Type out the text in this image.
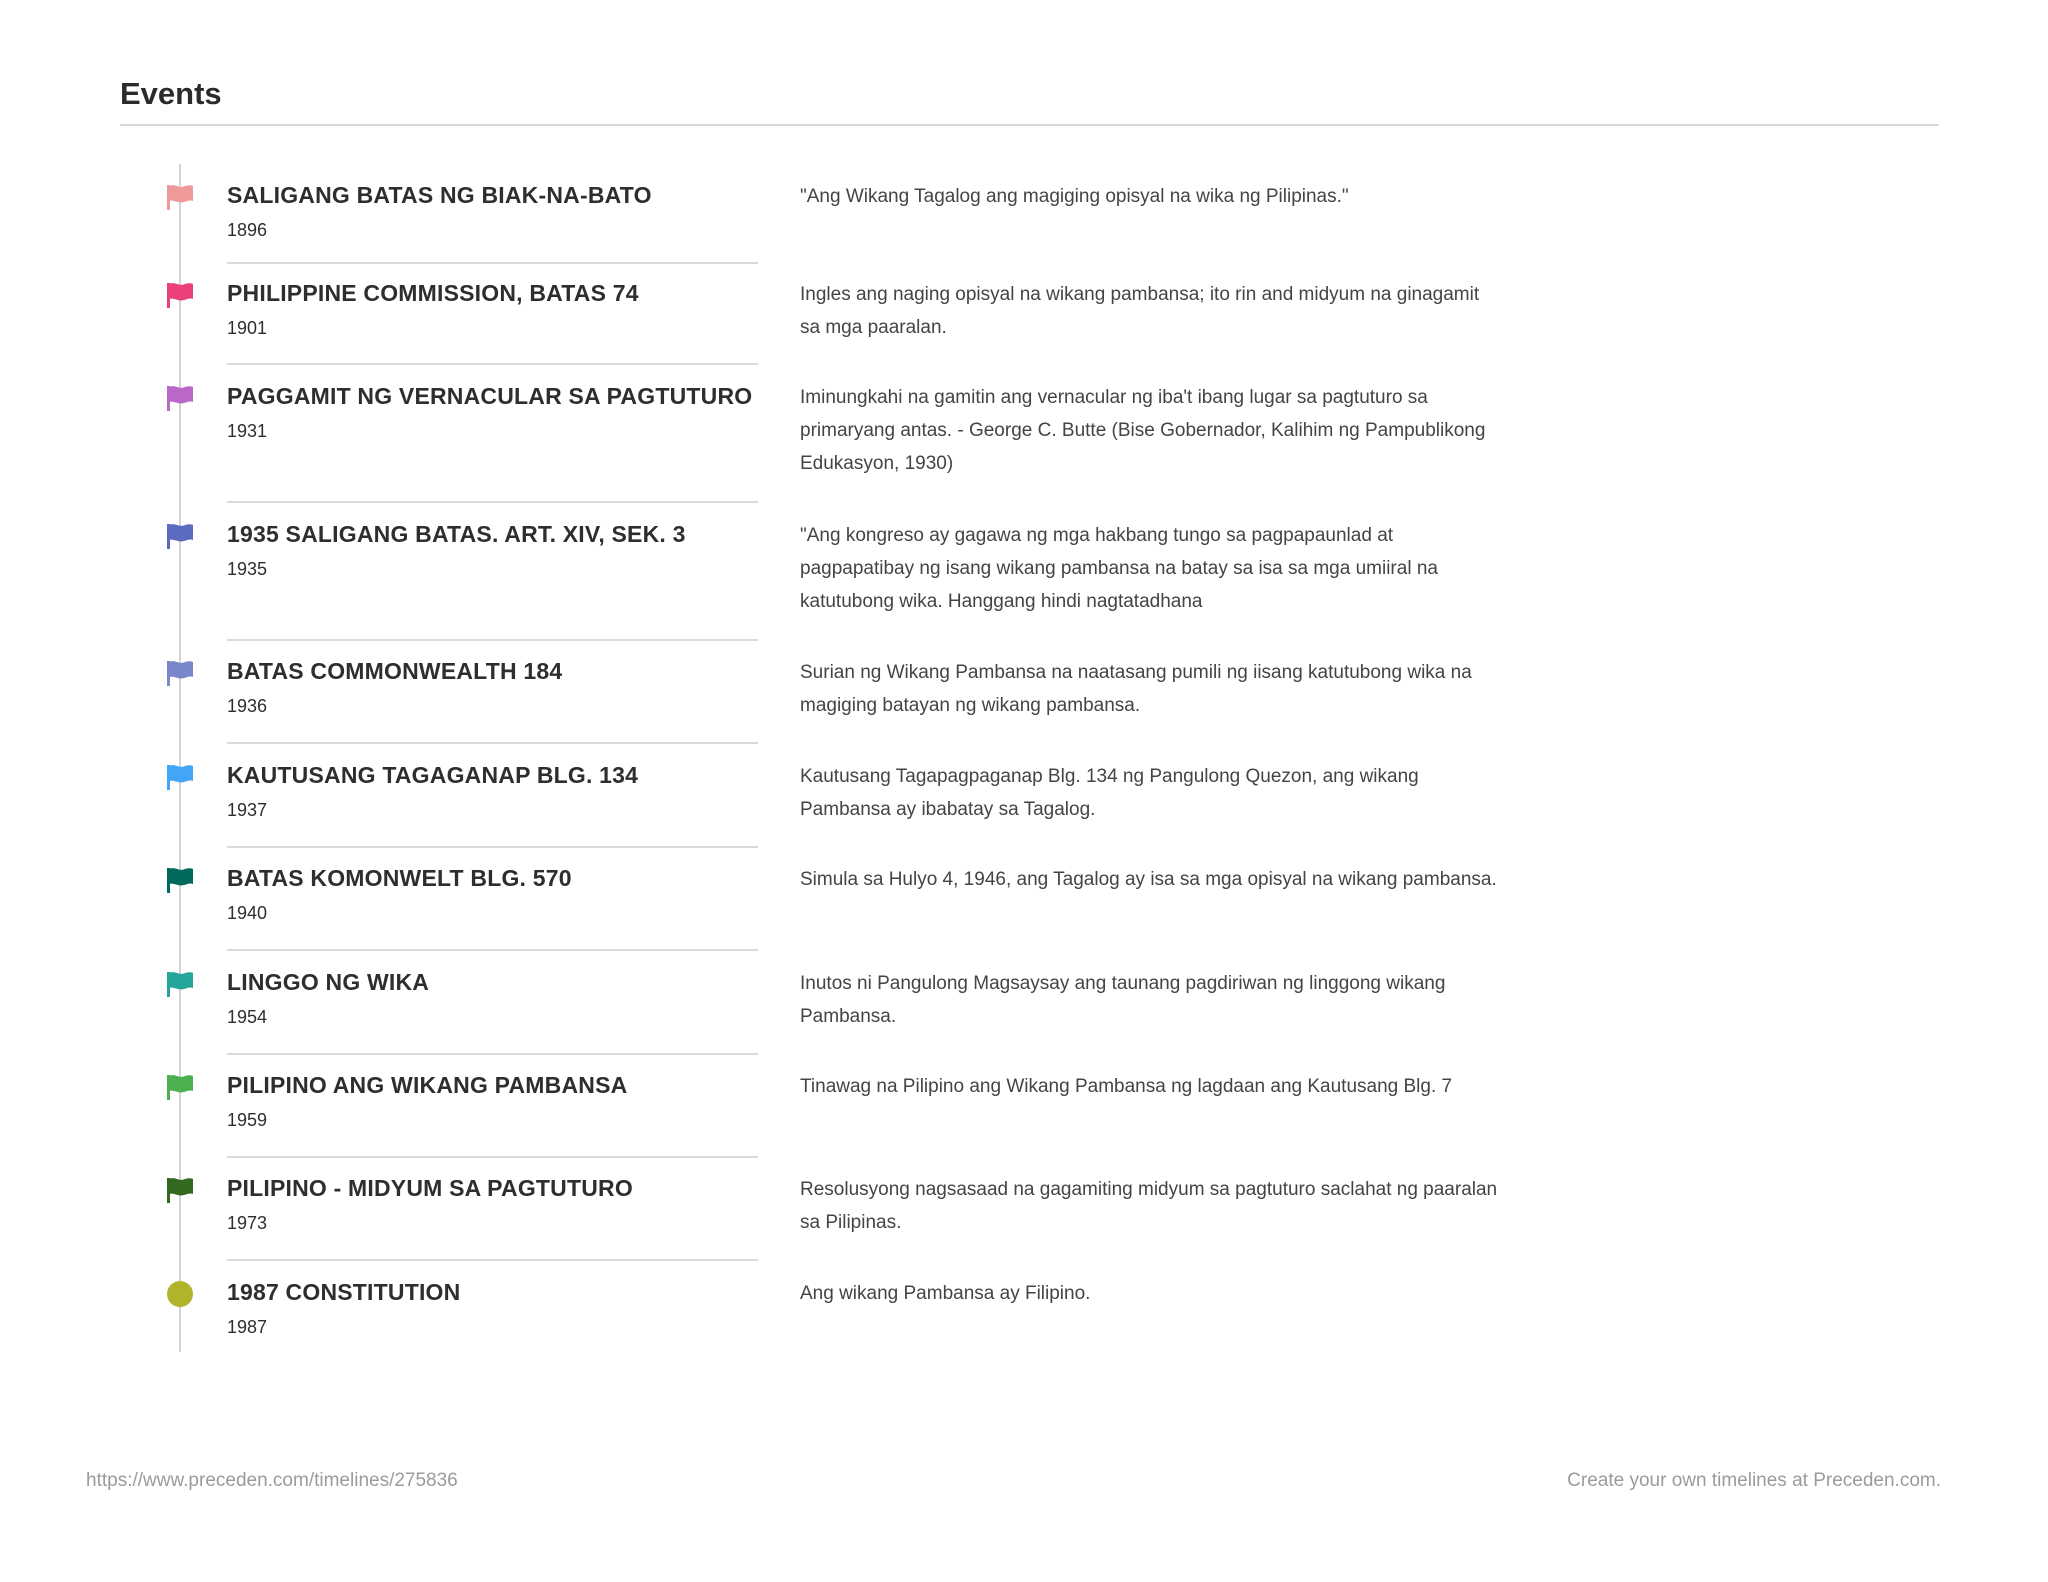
Events
SALIGANG BATAS NG BIAK-NA-BATO
1896
"Ang Wikang Tagalog ang magiging opisyal na wika ng Pilipinas."
PHILIPPINE COMMISSION, BATAS 74
1901
Ingles ang naging opisyal na wikang pambansa; ito rin and midyum na ginagamit sa mga paaralan.
PAGGAMIT NG VERNACULAR SA PAGTUTURO
1931
Iminungkahi na gamitin ang vernacular ng iba't ibang lugar sa pagtuturo sa primaryang antas. - George C. Butte (Bise Gobernador, Kalihim ng Pampublikong Edukasyon, 1930)
1935 SALIGANG BATAS. ART. XIV, SEK. 3
1935
"Ang kongreso ay gagawa ng mga hakbang tungo sa pagpapaunlad at pagpapatibay ng isang wikang pambansa na batay sa isa sa mga umiiral na katutubong wika. Hanggang hindi nagtatadhana
BATAS COMMONWEALTH 184
1936
Surian ng Wikang Pambansa na naatasang pumili ng iisang katutubong wika na magiging batayan ng wikang pambansa.
KAUTUSANG TAGAGANAP BLG. 134
1937
Kautusang Tagapagpaganap Blg. 134 ng Pangulong Quezon, ang wikang Pambansa ay ibabatay sa Tagalog.
BATAS KOMONWELT BLG. 570
1940
Simula sa Hulyo 4, 1946, ang Tagalog ay isa sa mga opisyal na wikang pambansa.
LINGGO NG WIKA
1954
Inutos ni Pangulong Magsaysay ang taunang pagdiriwan ng linggong wikang Pambansa.
PILIPINO ANG WIKANG PAMBANSA
1959
Tinawag na Pilipino ang Wikang Pambansa ng lagdaan ang Kautusang Blg. 7
PILIPINO - MIDYUM SA PAGTUTURO
1973
Resolusyong nagsasaad na gagamiting midyum sa pagtuturo saclahat ng paaralan sa Pilipinas.
1987 CONSTITUTION
1987
Ang wikang Pambansa ay Filipino.
https://www.preceden.com/timelines/275836	Create your own timelines at Preceden.com.
